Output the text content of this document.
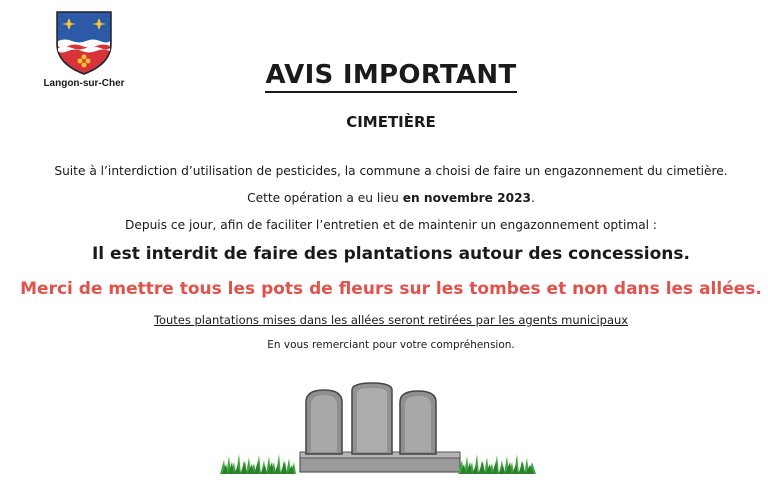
Langon-sur-Cher	AVIS IMPORTANT
CIMETIÈRE
Suite à l’interdiction d’utilisation de pesticides, la commune a choisi de faire un engazonnement du cimetière.
Cette opération a eu lieu en novembre 2023.
Depuis ce jour, afin de faciliter l’entretien et de maintenir un engazonnement optimal :
Il est interdit de faire des plantations autour des concessions.
Merci de mettre tous les pots de fleurs sur les tombes et non dans les allées.
Toutes plantations mises dans les allées seront retirées par les agents municipaux
En vous remerciant pour votre compréhension.
